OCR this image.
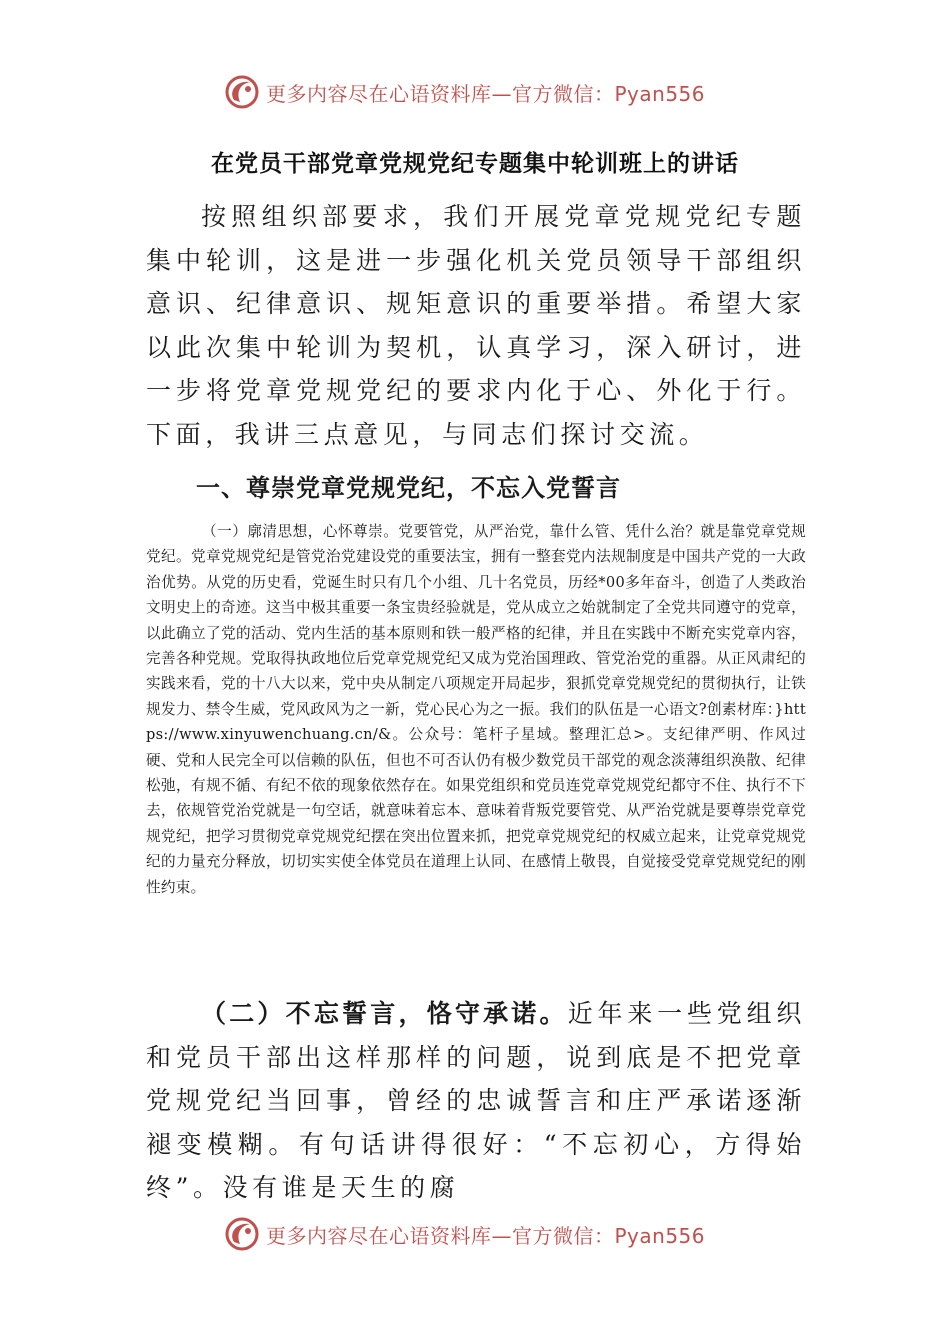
更多内容尽在心语资料库—官方微信：Pyan556
在党员干部党章党规党纪专题集中轮训班上的讲话

按照组织部要求，我们开展党章党规党纪专题集中轮训，这是进一步强化机关党员领导干部组织意识、纪律意识、规矩意识的重要举措。希望大家以此次集中轮训为契机，认真学习，深入研讨，进一步将党章党规党纪的要求内化于心、外化于行。下面，我讲三点意见，与同志们探讨交流。

一、尊崇党章党规党纪，不忘入党誓言

（一）廓清思想，心怀尊崇。党要管党，从严治党，靠什么管、凭什么治？就是靠党章党规党纪。党章党规党纪是管党治党建设党的重要法宝，拥有一整套党内法规制度是中国共产党的一大政治优势。从党的历史看，党诞生时只有几个小组、几十名党员，历经*00多年奋斗，创造了人类政治文明史上的奇迹。这当中极其重要一条宝贵经验就是，党从成立之始就制定了全党共同遵守的党章，以此确立了党的活动、党内生活的基本原则和铁一般严格的纪律，并且在实践中不断充实党章内容，完善各种党规。党取得执政地位后党章党规党纪又成为党治国理政、管党治党的重器。从正风肃纪的实践来看，党的十八大以来，党中央从制定八项规定开局起步，狠抓党章党规党纪的贯彻执行，让铁规发力、禁令生威，党风政风为之一新，党心民心为之一振。我们的队伍是一心语文?创素材库：}https://www.xinyuwenchuang.cn/&。公众号：笔杆子星域。整理汇总>。支纪律严明、作风过硬、党和人民完全可以信赖的队伍，但也不可否认仍有极少数党员干部党的观念淡薄组织涣散、纪律松弛，有规不循、有纪不依的现象依然存在。如果党组织和党员连党章党规党纪都守不住、执行不下去，依规管党治党就是一句空话，就意味着忘本、意味着背叛党要管党、从严治党就是要尊崇党章党规党纪，把学习贯彻党章党规党纪摆在突出位置来抓，把党章党规党纪的权威立起来，让党章党规党纪的力量充分释放，切切实实使全体党员在道理上认同、在感情上敬畏，自觉接受党章党规党纪的刚性约束。

（二）不忘誓言，恪守承诺。近年来一些党组织和党员干部出这样那样的问题，说到底是不把党章党规党纪当回事，曾经的忠诚誓言和庄严承诺逐渐褪变模糊。有句话讲得很好：“不忘初心，方得始终”。没有谁是天生的腐

更多内容尽在心语资料库—官方微信：Pyan556
